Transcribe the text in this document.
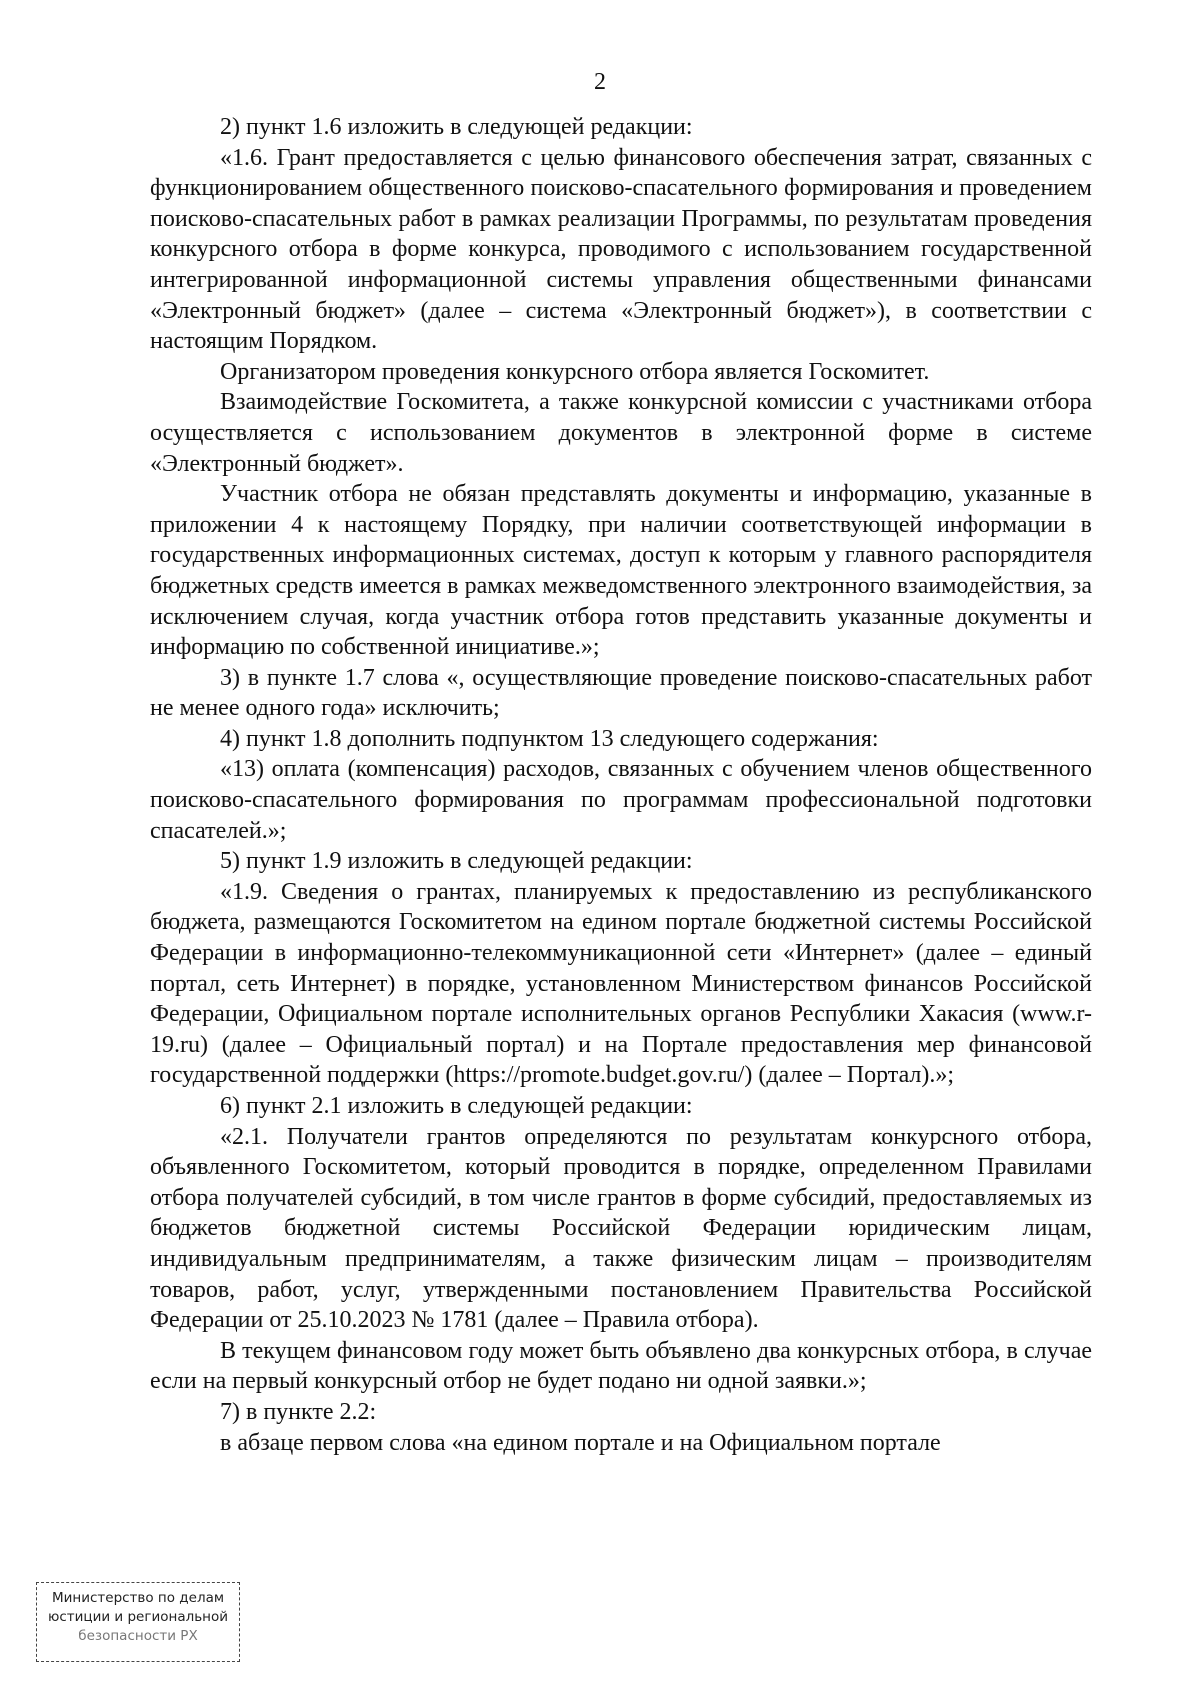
2

2) пункт 1.6 изложить в следующей редакции:

«1.6. Грант предоставляется с целью финансового обеспечения затрат, связанных с функционированием общественного поисково-спасательного формирования и проведением поисково-спасательных работ в рамках реализации Программы, по результатам проведения конкурсного отбора в форме конкурса, проводимого с использованием государственной интегрированной информационной системы управления общественными финансами «Электронный бюджет» (далее – система «Электронный бюджет»), в соответствии с настоящим Порядком.

Организатором проведения конкурсного отбора является Госкомитет.

Взаимодействие Госкомитета, а также конкурсной комиссии с участниками отбора осуществляется с использованием документов в электронной форме в системе «Электронный бюджет».

Участник отбора не обязан представлять документы и информацию, указанные в приложении 4 к настоящему Порядку, при наличии соответствующей информации в государственных информационных системах, доступ к которым у главного распорядителя бюджетных средств имеется в рамках межведомственного электронного взаимодействия, за исключением случая, когда участник отбора готов представить указанные документы и информацию по собственной инициативе.»;

3) в пункте 1.7 слова «, осуществляющие проведение поисково-спасательных работ не менее одного года» исключить;

4) пункт 1.8 дополнить подпунктом 13 следующего содержания:

«13) оплата (компенсация) расходов, связанных с обучением членов общественного поисково-спасательного формирования по программам профессиональной подготовки спасателей.»;

5) пункт 1.9 изложить в следующей редакции:

«1.9. Сведения о грантах, планируемых к предоставлению из республиканского бюджета, размещаются Госкомитетом на едином портале бюджетной системы Российской Федерации в информационно-телекоммуникационной сети «Интернет» (далее – единый портал, сеть Интернет) в порядке, установленном Министерством финансов Российской Федерации, Официальном портале исполнительных органов Республики Хакасия (www.r-19.ru) (далее – Официальный портал) и на Портале предоставления мер финансовой государственной поддержки (https://promote.budget.gov.ru/) (далее – Портал).»;

6) пункт 2.1 изложить в следующей редакции:

«2.1. Получатели грантов определяются по результатам конкурсного отбора, объявленного Госкомитетом, который проводится в порядке, определенном Правилами отбора получателей субсидий, в том числе грантов в форме субсидий, предоставляемых из бюджетов бюджетной системы Российской Федерации юридическим лицам, индивидуальным предпринимателям, а также физическим лицам – производителям товаров, работ, услуг, утвержденными постановлением Правительства Российской Федерации от 25.10.2023 № 1781 (далее – Правила отбора).

В текущем финансовом году может быть объявлено два конкурсных отбора, в случае если на первый конкурсный отбор не будет подано ни одной заявки.»;

7) в пункте 2.2:

в абзаце первом слова «на едином портале и на Официальном портале

Министерство по делам
юстиции и региональной
безопасности РХ
